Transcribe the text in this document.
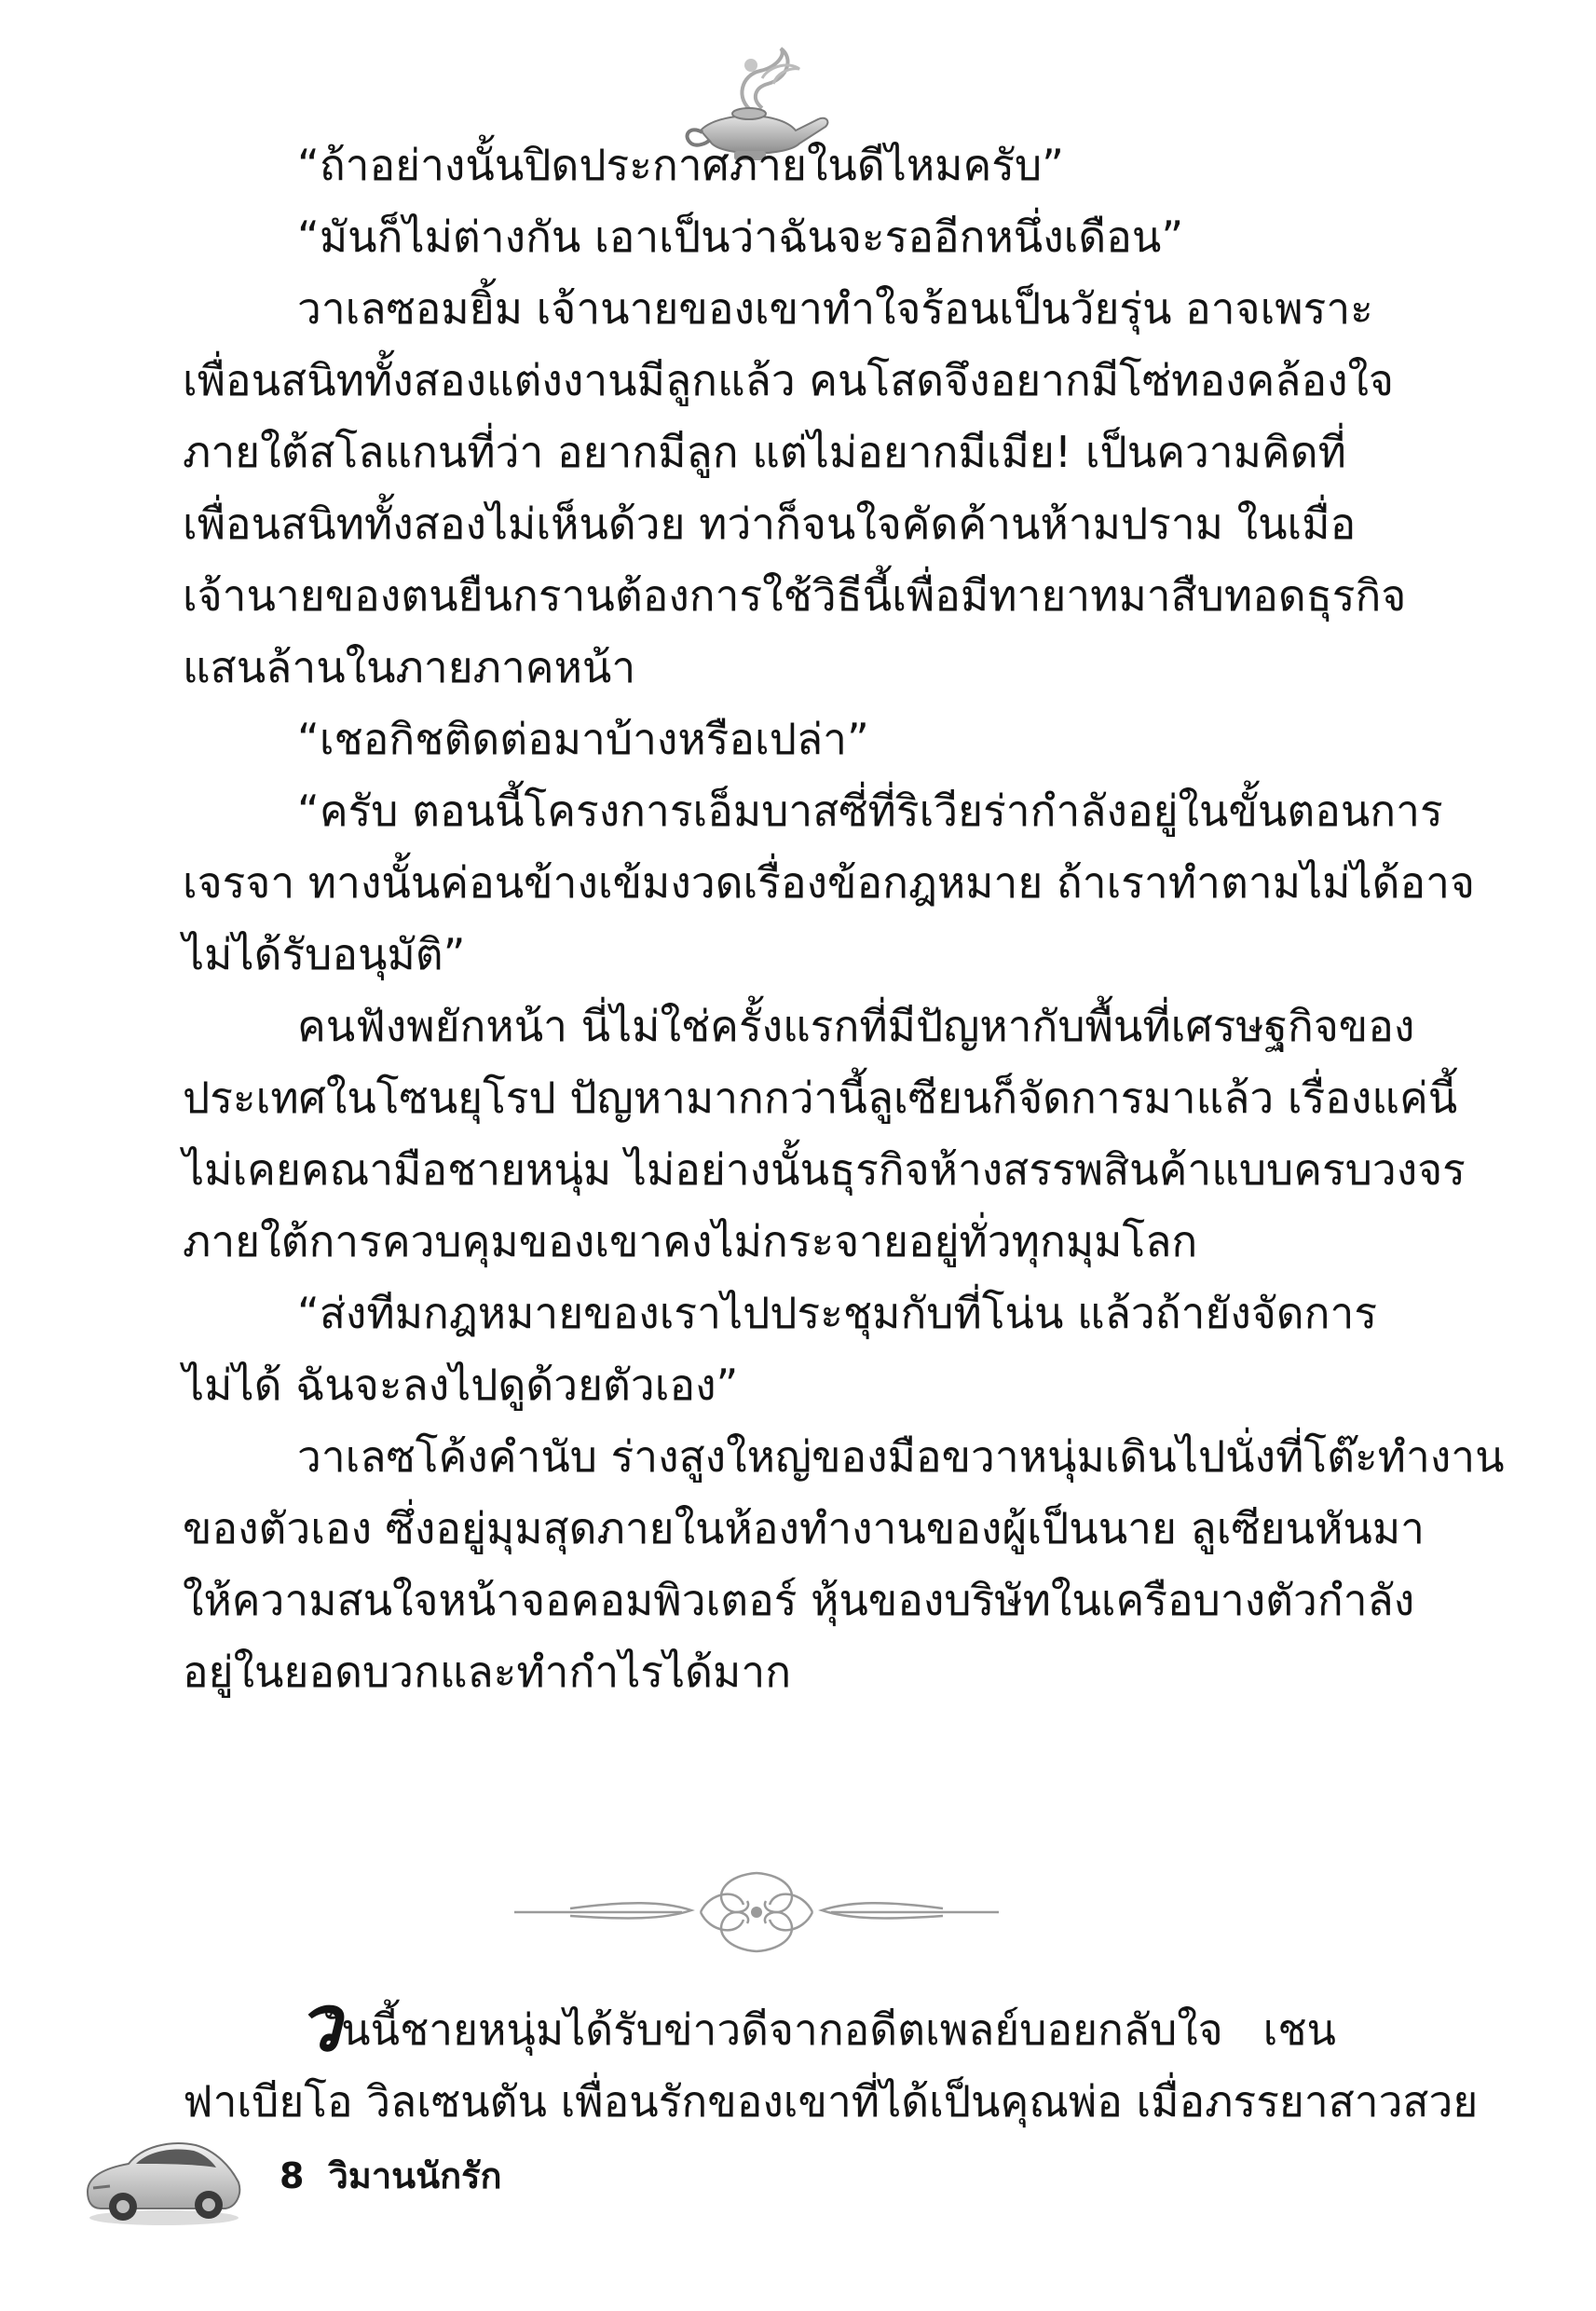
“ถ้าอย่างนั้นปิดประกาศภายในดีไหมครับ”
“มันก็ไม่ต่างกัน เอาเป็นว่าฉันจะรออีกหนึ่งเดือน”
วาเลซอมยิ้ม เจ้านายของเขาทำใจร้อนเป็นวัยรุ่น อาจเพราะ
เพื่อนสนิททั้งสองแต่งงานมีลูกแล้ว คนโสดจึงอยากมีโซ่ทองคล้องใจ
ภายใต้สโลแกนที่ว่า อยากมีลูก แต่ไม่อยากมีเมีย! เป็นความคิดที่
เพื่อนสนิททั้งสองไม่เห็นด้วย ทว่าก็จนใจคัดค้านห้ามปราม ในเมื่อ
เจ้านายของตนยืนกรานต้องการใช้วิธีนี้เพื่อมีทายาทมาสืบทอดธุรกิจ
แสนล้านในภายภาคหน้า
“เชอกิชติดต่อมาบ้างหรือเปล่า”
“ครับ ตอนนี้โครงการเอ็มบาสซี่ที่ริเวียร่ากำลังอยู่ในขั้นตอนการ
เจรจา ทางนั้นค่อนข้างเข้มงวดเรื่องข้อกฎหมาย ถ้าเราทำตามไม่ได้อาจ
ไม่ได้รับอนุมัติ”
คนฟังพยักหน้า นี่ไม่ใช่ครั้งแรกที่มีปัญหากับพื้นที่เศรษฐกิจของ
ประเทศในโซนยุโรป ปัญหามากกว่านี้ลูเซียนก็จัดการมาแล้ว เรื่องแค่นี้
ไม่เคยคณามือชายหนุ่ม ไม่อย่างนั้นธุรกิจห้างสรรพสินค้าแบบครบวงจร
ภายใต้การควบคุมของเขาคงไม่กระจายอยู่ทั่วทุกมุมโลก
“ส่งทีมกฎหมายของเราไปประชุมกับที่โน่น แล้วถ้ายังจัดการ
ไม่ได้ ฉันจะลงไปดูด้วยตัวเอง”
วาเลซโค้งคำนับ ร่างสูงใหญ่ของมือขวาหนุ่มเดินไปนั่งที่โต๊ะทำงาน
ของตัวเอง ซึ่งอยู่มุมสุดภายในห้องทำงานของผู้เป็นนาย ลูเซียนหันมา
ให้ความสนใจหน้าจอคอมพิวเตอร์ หุ้นของบริษัทในเครือบางตัวกำลัง
อยู่ในยอดบวกและทำกำไรได้มาก
วันนี้ชายหนุ่มได้รับข่าวดีจากอดีตเพลย์บอยกลับใจ เชน
ฟาเบียโอ วิลเซนตัน เพื่อนรักของเขาที่ได้เป็นคุณพ่อ เมื่อภรรยาสาวสวย
8 วิมานนักรัก
